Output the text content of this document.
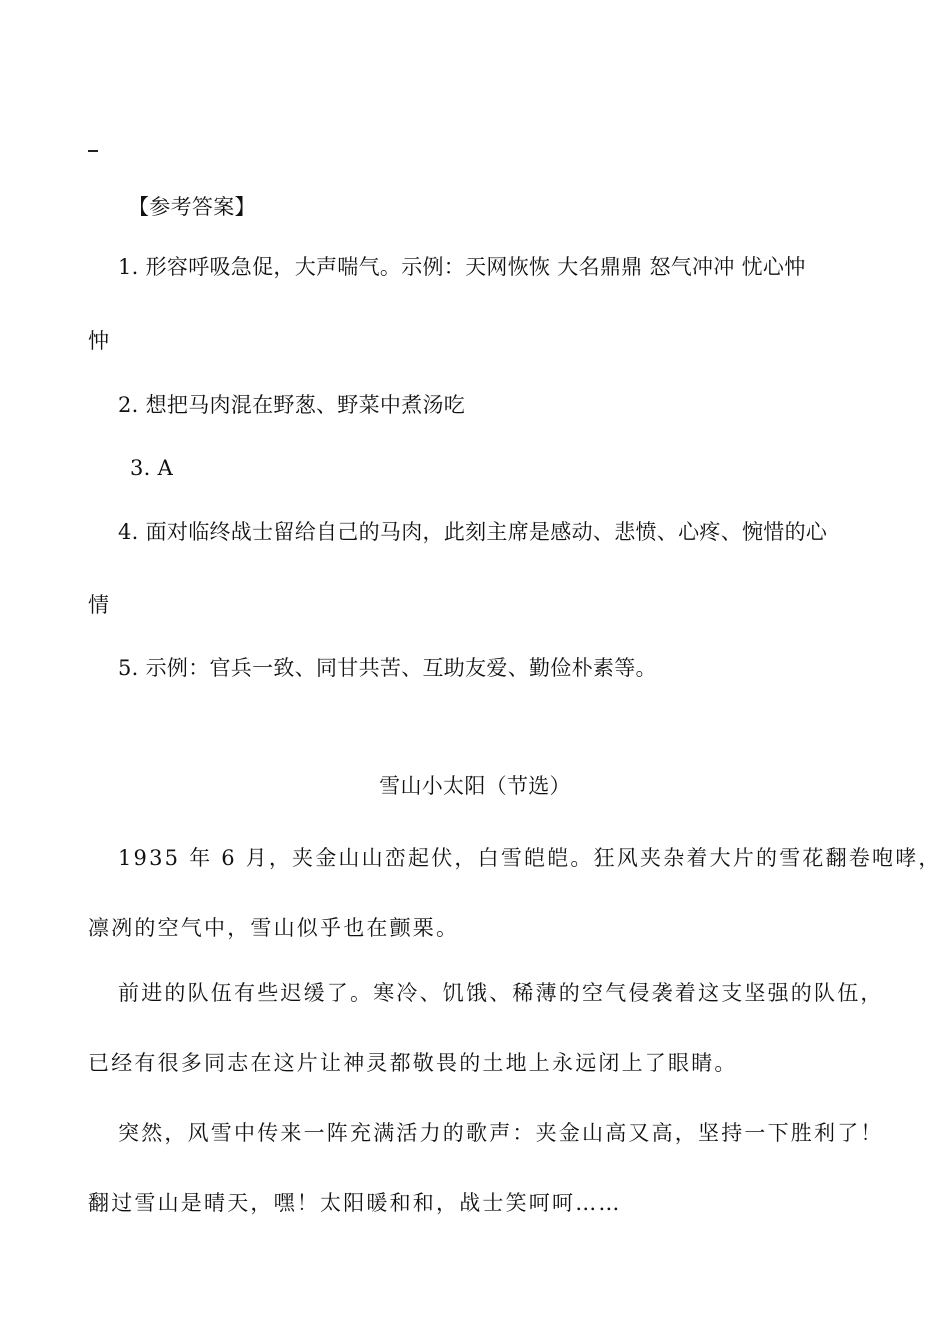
【参考答案】
1. 形容呼吸急促，大声喘气。示例：天网恢恢 大名鼎鼎 怒气冲冲 忧心忡
忡
2. 想把马肉混在野葱、野菜中煮汤吃
3. A
4. 面对临终战士留给自己的马肉，此刻主席是感动、悲愤、心疼、惋惜的心
情
5. 示例：官兵一致、同甘共苦、互助友爱、勤俭朴素等。
雪山小太阳（节选）
1935 年 6 月，夹金山山峦起伏，白雪皑皑。狂风夹杂着大片的雪花翻卷咆哮，
凛冽的空气中，雪山似乎也在颤栗。
前进的队伍有些迟缓了。寒冷、饥饿、稀薄的空气侵袭着这支坚强的队伍，
已经有很多同志在这片让神灵都敬畏的土地上永远闭上了眼睛。
突然，风雪中传来一阵充满活力的歌声：夹金山高又高，坚持一下胜利了！
翻过雪山是晴天，嘿！太阳暖和和，战士笑呵呵……
